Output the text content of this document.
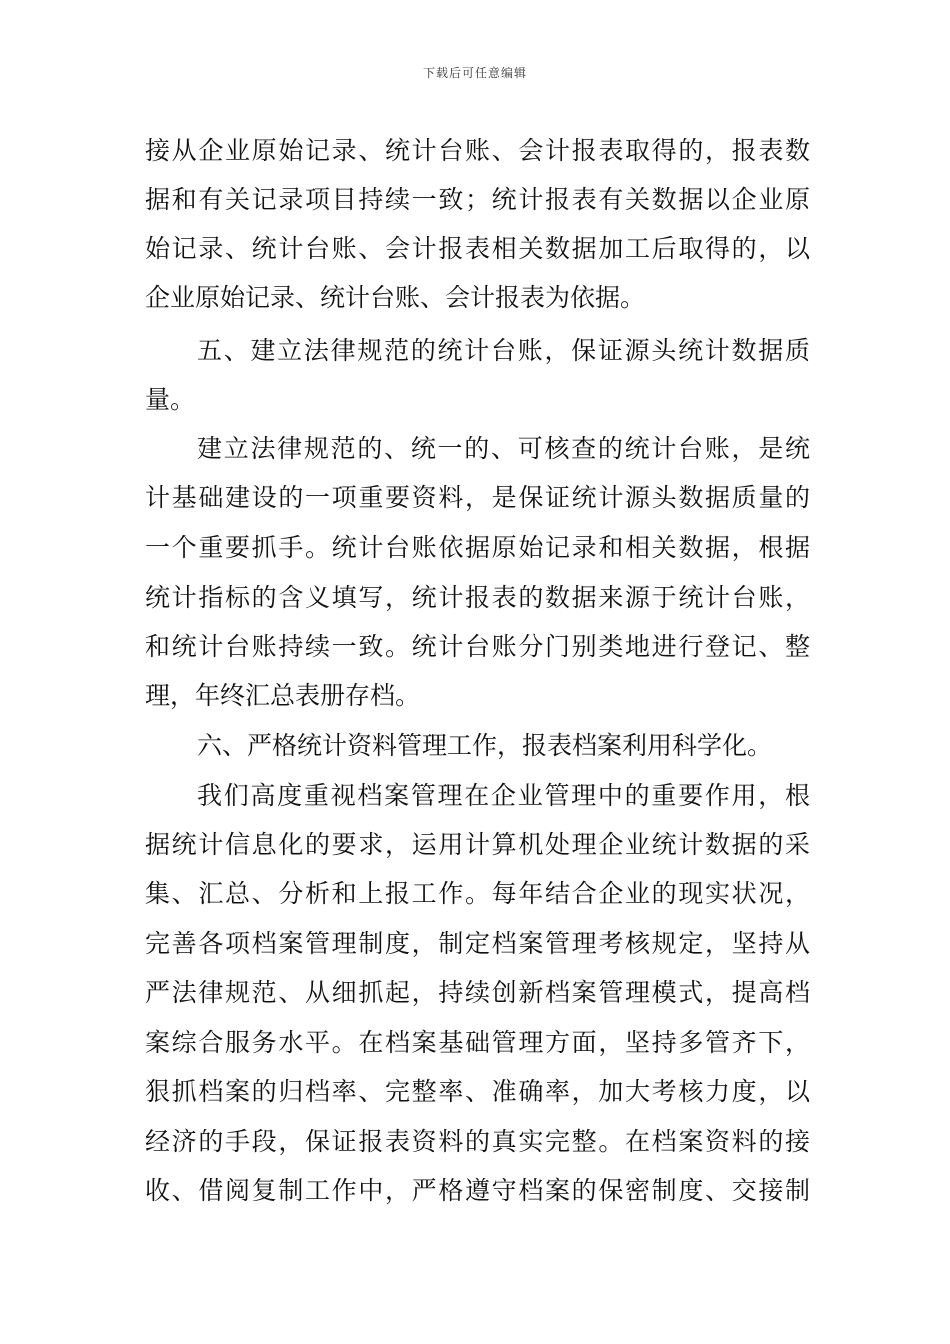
下载后可任意编辑
接从企业原始记录、统计台账、会计报表取得的，报表数
据和有关记录项目持续一致；统计报表有关数据以企业原
始记录、统计台账、会计报表相关数据加工后取得的，以
企业原始记录、统计台账、会计报表为依据。
五、建立法律规范的统计台账，保证源头统计数据质
量。
建立法律规范的、统一的、可核查的统计台账，是统
计基础建设的一项重要资料，是保证统计源头数据质量的
一个重要抓手。统计台账依据原始记录和相关数据，根据
统计指标的含义填写，统计报表的数据来源于统计台账，
和统计台账持续一致。统计台账分门别类地进行登记、整
理，年终汇总表册存档。
六、严格统计资料管理工作，报表档案利用科学化。
我们高度重视档案管理在企业管理中的重要作用，根
据统计信息化的要求，运用计算机处理企业统计数据的采
集、汇总、分析和上报工作。每年结合企业的现实状况，
完善各项档案管理制度，制定档案管理考核规定，坚持从
严法律规范、从细抓起，持续创新档案管理模式，提高档
案综合服务水平。在档案基础管理方面，坚持多管齐下，
狠抓档案的归档率、完整率、准确率，加大考核力度，以
经济的手段，保证报表资料的真实完整。在档案资料的接
收、借阅复制工作中，严格遵守档案的保密制度、交接制
